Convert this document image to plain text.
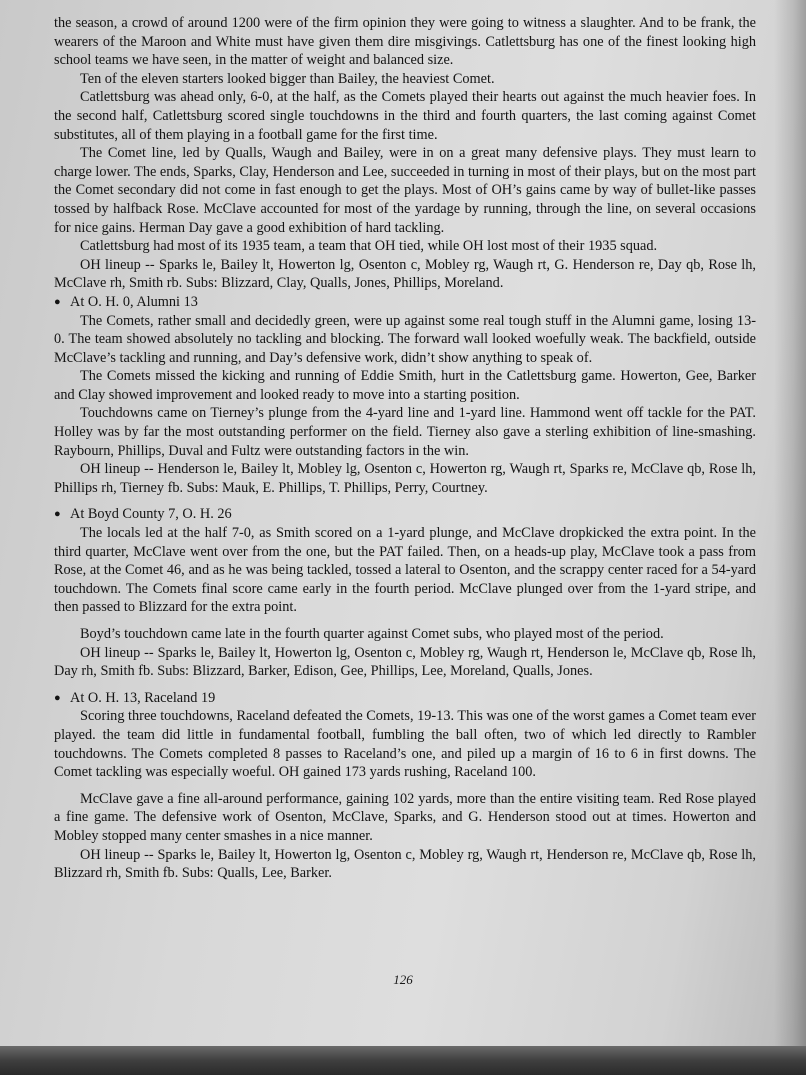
the season, a crowd of around 1200 were of the firm opinion they were going to witness a slaughter. And to be frank, the wearers of the Maroon and White must have given them dire misgivings. Catlettsburg has one of the finest looking high school teams we have seen, in the matter of weight and balanced size.

Ten of the eleven starters looked bigger than Bailey, the heaviest Comet.

Catlettsburg was ahead only, 6-0, at the half, as the Comets played their hearts out against the much heavier foes. In the second half, Catlettsburg scored single touchdowns in the third and fourth quarters, the last coming against Comet substitutes, all of them playing in a football game for the first time.

The Comet line, led by Qualls, Waugh and Bailey, were in on a great many defensive plays. They must learn to charge lower. The ends, Sparks, Clay, Henderson and Lee, succeeded in turning in most of their plays, but on the most part the Comet secondary did not come in fast enough to get the plays. Most of OH’s gains came by way of bullet-like passes tossed by halfback Rose. McClave accounted for most of the yardage by running, through the line, on several occasions for nice gains. Herman Day gave a good exhibition of hard tackling.

Catlettsburg had most of its 1935 team, a team that OH tied, while OH lost most of their 1935 squad.

OH lineup -- Sparks le, Bailey lt, Howerton lg, Osenton c, Mobley rg, Waugh rt, G. Henderson re, Day qb, Rose lh, McClave rh, Smith rb. Subs: Blizzard, Clay, Qualls, Jones, Phillips, Moreland.

● At O. H. 0, Alumni 13

The Comets, rather small and decidedly green, were up against some real tough stuff in the Alumni game, losing 13-0. The team showed absolutely no tackling and blocking. The forward wall looked woefully weak. The backfield, outside McClave’s tackling and running, and Day’s defensive work, didn’t show anything to speak of.

The Comets missed the kicking and running of Eddie Smith, hurt in the Catlettsburg game. Howerton, Gee, Barker and Clay showed improvement and looked ready to move into a starting position.

Touchdowns came on Tierney’s plunge from the 4-yard line and 1-yard line. Hammond went off tackle for the PAT. Holley was by far the most outstanding performer on the field. Tierney also gave a sterling exhibition of line-smashing. Raybourn, Phillips, Duval and Fultz were outstanding factors in the win.

OH lineup -- Henderson le, Bailey lt, Mobley lg, Osenton c, Howerton rg, Waugh rt, Sparks re, McClave qb, Rose lh, Phillips rh, Tierney fb. Subs: Mauk, E. Phillips, T. Phillips, Perry, Courtney.

● At Boyd County 7, O. H. 26

The locals led at the half 7-0, as Smith scored on a 1-yard plunge, and McClave dropkicked the extra point. In the third quarter, McClave went over from the one, but the PAT failed. Then, on a heads-up play, McClave took a pass from Rose, at the Comet 46, and as he was being tackled, tossed a lateral to Osenton, and the scrappy center raced for a 54-yard touchdown. The Comets final score came early in the fourth period. McClave plunged over from the 1-yard stripe, and then passed to Blizzard for the extra point.

Boyd’s touchdown came late in the fourth quarter against Comet subs, who played most of the period.

OH lineup -- Sparks le, Bailey lt, Howerton lg, Osenton c, Mobley rg, Waugh rt, Henderson le, McClave qb, Rose lh, Day rh, Smith fb. Subs: Blizzard, Barker, Edison, Gee, Phillips, Lee, Moreland, Qualls, Jones.

● At O. H. 13, Raceland 19

Scoring three touchdowns, Raceland defeated the Comets, 19-13. This was one of the worst games a Comet team ever played. the team did little in fundamental football, fumbling the ball often, two of which led directly to Rambler touchdowns. The Comets completed 8 passes to Raceland’s one, and piled up a margin of 16 to 6 in first downs. The Comet tackling was especially woeful. OH gained 173 yards rushing, Raceland 100.

McClave gave a fine all-around performance, gaining 102 yards, more than the entire visiting team. Red Rose played a fine game. The defensive work of Osenton, McClave, Sparks, and G. Henderson stood out at times. Howerton and Mobley stopped many center smashes in a nice manner.

OH lineup -- Sparks le, Bailey lt, Howerton lg, Osenton c, Mobley rg, Waugh rt, Henderson re, McClave qb, Rose lh, Blizzard rh, Smith fb. Subs: Qualls, Lee, Barker.

126
